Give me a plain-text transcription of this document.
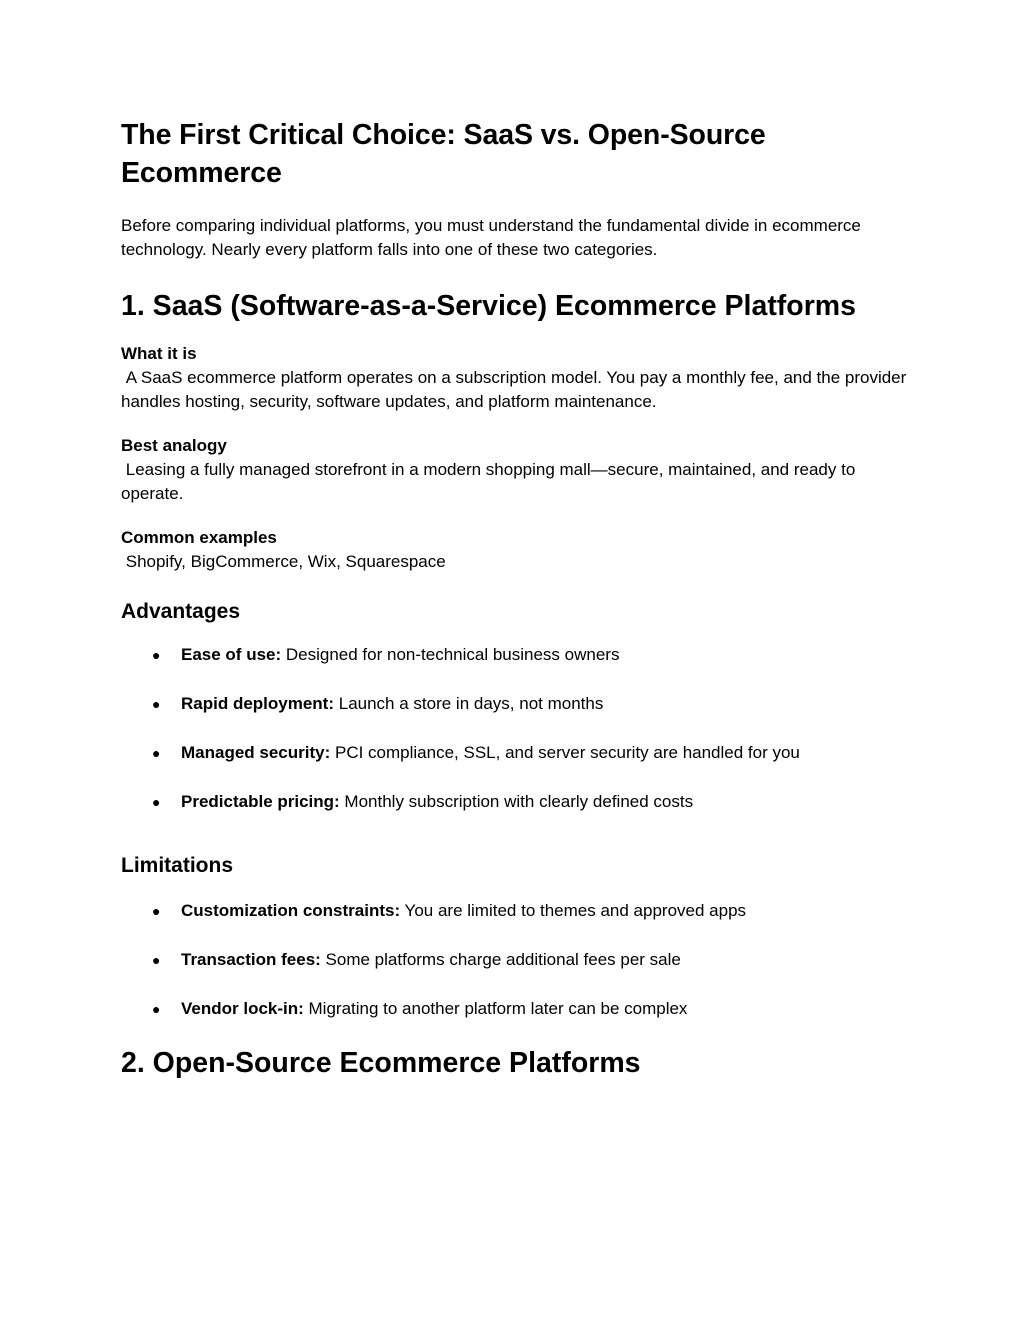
The First Critical Choice: SaaS vs. Open-Source Ecommerce

Before comparing individual platforms, you must understand the fundamental divide in ecommerce technology. Nearly every platform falls into one of these two categories.

1. SaaS (Software-as-a-Service) Ecommerce Platforms
What it is
A SaaS ecommerce platform operates on a subscription model. You pay a monthly fee, and the provider handles hosting, security, software updates, and platform maintenance.
Best analogy
Leasing a fully managed storefront in a modern shopping mall—secure, maintained, and ready to operate.
Common examples
Shopify, BigCommerce, Wix, Squarespace
Advantages
● Ease of use: Designed for non-technical business owners
● Rapid deployment: Launch a store in days, not months
● Managed security: PCI compliance, SSL, and server security are handled for you
● Predictable pricing: Monthly subscription with clearly defined costs
Limitations
● Customization constraints: You are limited to themes and approved apps
● Transaction fees: Some platforms charge additional fees per sale
● Vendor lock-in: Migrating to another platform later can be complex
2. Open-Source Ecommerce Platforms
